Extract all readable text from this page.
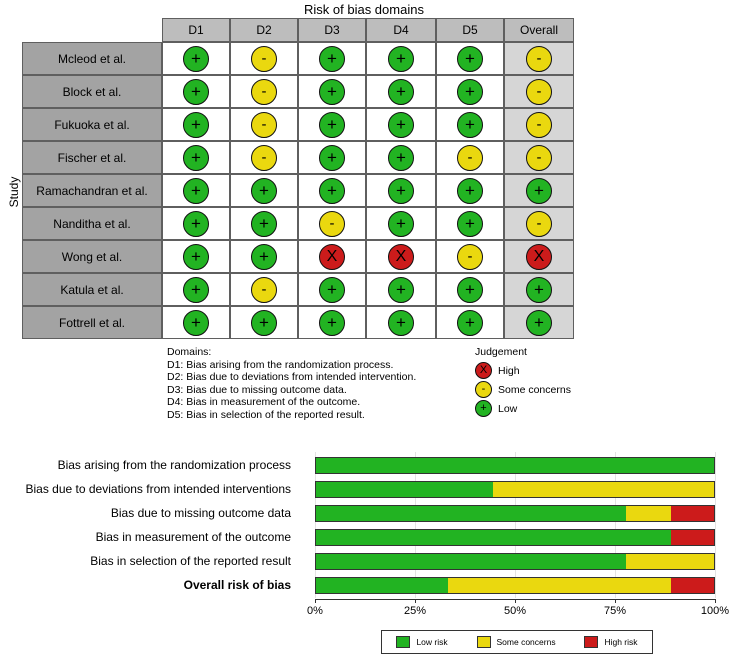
Risk of bias domains
Study
D1	D2	D3	D4	D5	Overall
Mcleod et al.	+	-	+	+	+	-
Block et al.	+	-	+	+	+	-
Fukuoka et al.	+	-	+	+	+	-
Fischer et al.	+	-	+	+	-	-
Ramachandran et al.	+	+	+	+	+	+
Nanditha et al.	+	+	-	+	+	-
Wong et al.	+	+	X	X	-	X
Katula et al.	+	-	+	+	+	+
Fottrell et al.	+	+	+	+	+	+
Domains:
D1: Bias arising from the randomization process.
D2: Bias due to deviations from intended intervention.
D3: Bias due to missing outcome data.
D4: Bias in measurement of the outcome.
D5: Bias in selection of the reported result.
Judgement
X	High
-	Some concerns
+	Low
Bias arising from the randomization process
Bias due to deviations from intended interventions
Bias due to missing outcome data
Bias in measurement of the outcome
Bias in selection of the reported result
Overall risk of bias
0%	25%	50%	75%	100%
Low risk	Some concerns	High risk
